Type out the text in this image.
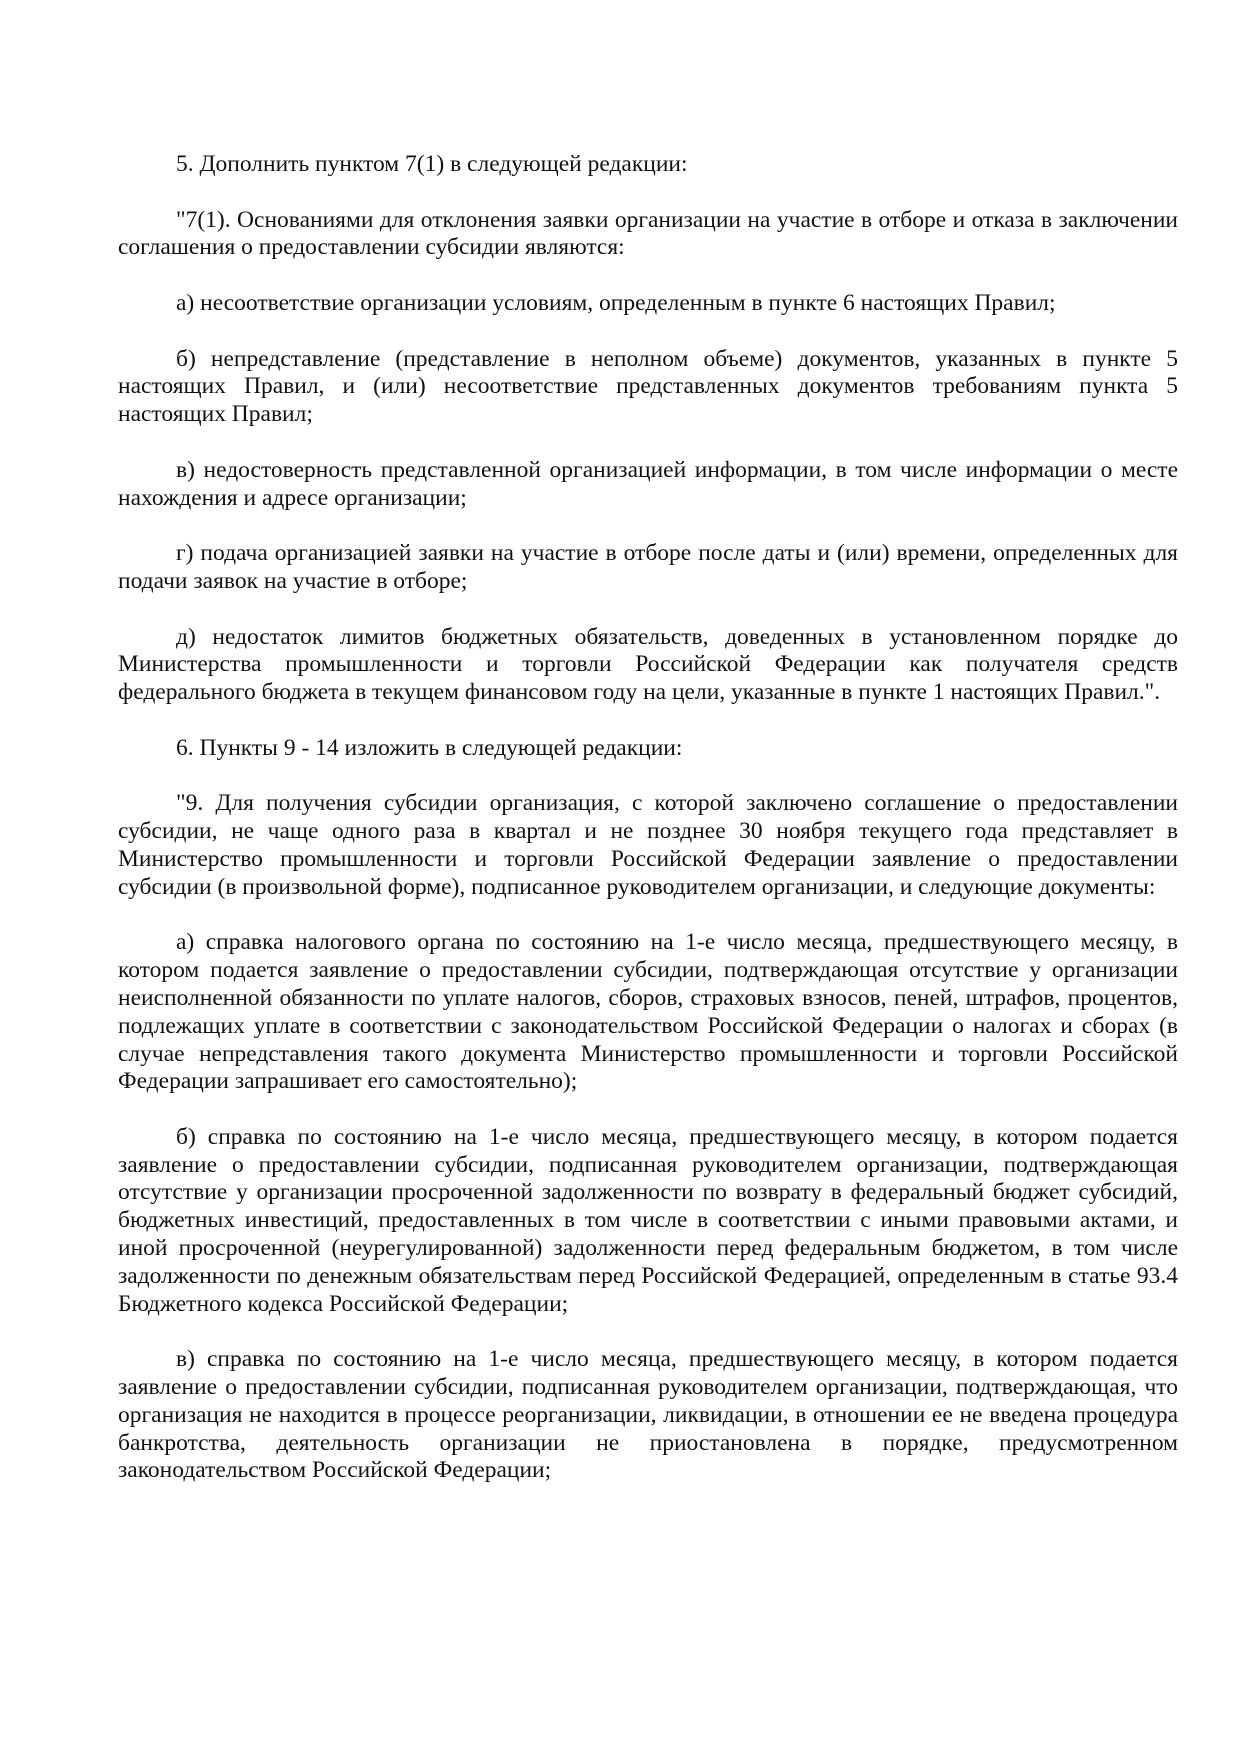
5. Дополнить пунктом 7(1) в следующей редакции:

"7(1). Основаниями для отклонения заявки организации на участие в отборе и отказа в заключении соглашения о предоставлении субсидии являются:

а) несоответствие организации условиям, определенным в пункте 6 настоящих Правил;

б) непредставление (представление в неполном объеме) документов, указанных в пункте 5 настоящих Правил, и (или) несоответствие представленных документов требованиям пункта 5 настоящих Правил;

в) недостоверность представленной организацией информации, в том числе информации о месте нахождения и адресе организации;

г) подача организацией заявки на участие в отборе после даты и (или) времени, определенных для подачи заявок на участие в отборе;

д) недостаток лимитов бюджетных обязательств, доведенных в установленном порядке до Министерства промышленности и торговли Российской Федерации как получателя средств федерального бюджета в текущем финансовом году на цели, указанные в пункте 1 настоящих Правил.".

6. Пункты 9 - 14 изложить в следующей редакции:

"9. Для получения субсидии организация, с которой заключено соглашение о предоставлении субсидии, не чаще одного раза в квартал и не позднее 30 ноября текущего года представляет в Министерство промышленности и торговли Российской Федерации заявление о предоставлении субсидии (в произвольной форме), подписанное руководителем организации, и следующие документы:

а) справка налогового органа по состоянию на 1-е число месяца, предшествующего месяцу, в котором подается заявление о предоставлении субсидии, подтверждающая отсутствие у организации неисполненной обязанности по уплате налогов, сборов, страховых взносов, пеней, штрафов, процентов, подлежащих уплате в соответствии с законодательством Российской Федерации о налогах и сборах (в случае непредставления такого документа Министерство промышленности и торговли Российской Федерации запрашивает его самостоятельно);

б) справка по состоянию на 1-е число месяца, предшествующего месяцу, в котором подается заявление о предоставлении субсидии, подписанная руководителем организации, подтверждающая отсутствие у организации просроченной задолженности по возврату в федеральный бюджет субсидий, бюджетных инвестиций, предоставленных в том числе в соответствии с иными правовыми актами, и иной просроченной (неурегулированной) задолженности перед федеральным бюджетом, в том числе задолженности по денежным обязательствам перед Российской Федерацией, определенным в статье 93.4 Бюджетного кодекса Российской Федерации;

в) справка по состоянию на 1-е число месяца, предшествующего месяцу, в котором подается заявление о предоставлении субсидии, подписанная руководителем организации, подтверждающая, что организация не находится в процессе реорганизации, ликвидации, в отношении ее не введена процедура банкротства, деятельность организации не приостановлена в порядке, предусмотренном законодательством Российской Федерации;
